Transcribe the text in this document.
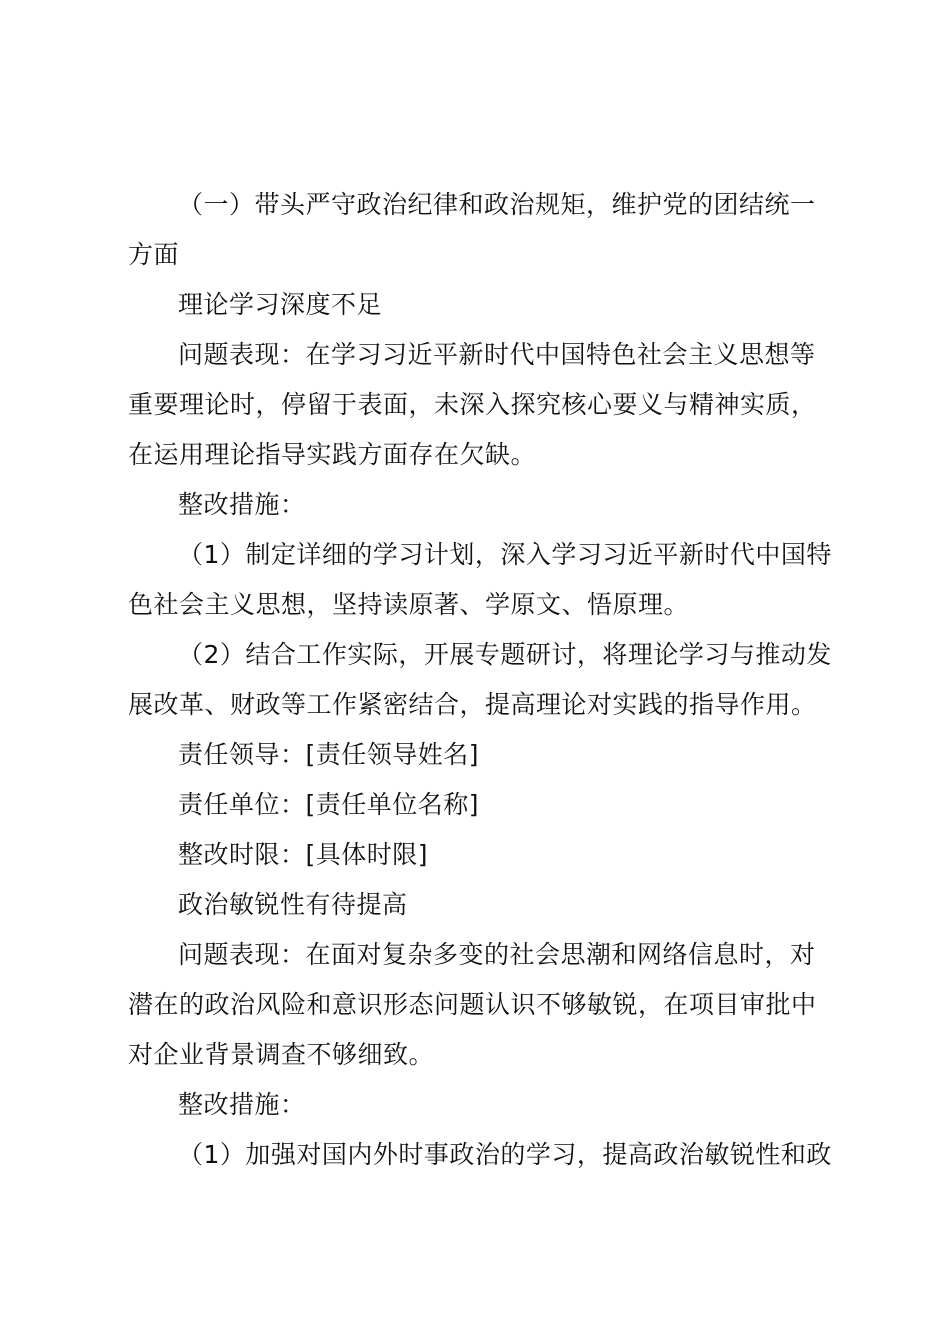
（一）带头严守政治纪律和政治规矩，维护党的团结统一方面

理论学习深度不足

问题表现：在学习习近平新时代中国特色社会主义思想等重要理论时，停留于表面，未深入探究核心要义与精神实质，在运用理论指导实践方面存在欠缺。

整改措施：

（1）制定详细的学习计划，深入学习习近平新时代中国特色社会主义思想，坚持读原著、学原文、悟原理。

（2）结合工作实际，开展专题研讨，将理论学习与推动发展改革、财政等工作紧密结合，提高理论对实践的指导作用。

责任领导：[责任领导姓名]

责任单位：[责任单位名称]

整改时限：[具体时限]

政治敏锐性有待提高

问题表现：在面对复杂多变的社会思潮和网络信息时，对潜在的政治风险和意识形态问题认识不够敏锐，在项目审批中对企业背景调查不够细致。

整改措施：

（1）加强对国内外时事政治的学习，提高政治敏锐性和政
